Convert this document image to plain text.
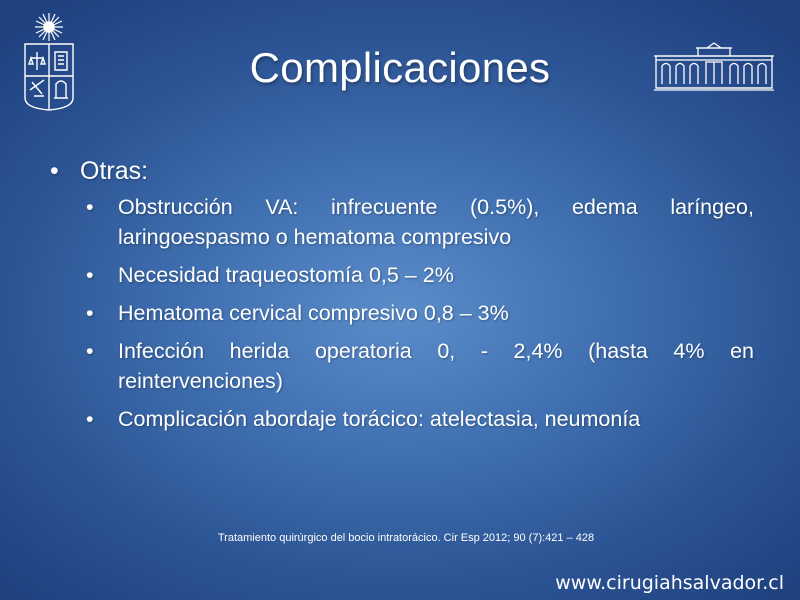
Complicaciones
• Otras:
• Obstrucción VA: infrecuente (0.5%), edema laríngeo, laringoespasmo o hematoma compresivo
• Necesidad traqueostomía 0,5 – 2%
• Hematoma cervical compresivo 0,8 – 3%
• Infección herida operatoria 0, - 2,4% (hasta 4% en reintervenciones)
• Complicación abordaje torácico: atelectasia, neumonía
Tratamiento quirúrgico del bocio intratorácico. Cir Esp 2012; 90 (7):421 – 428
www.cirugiahsalvador.cl
